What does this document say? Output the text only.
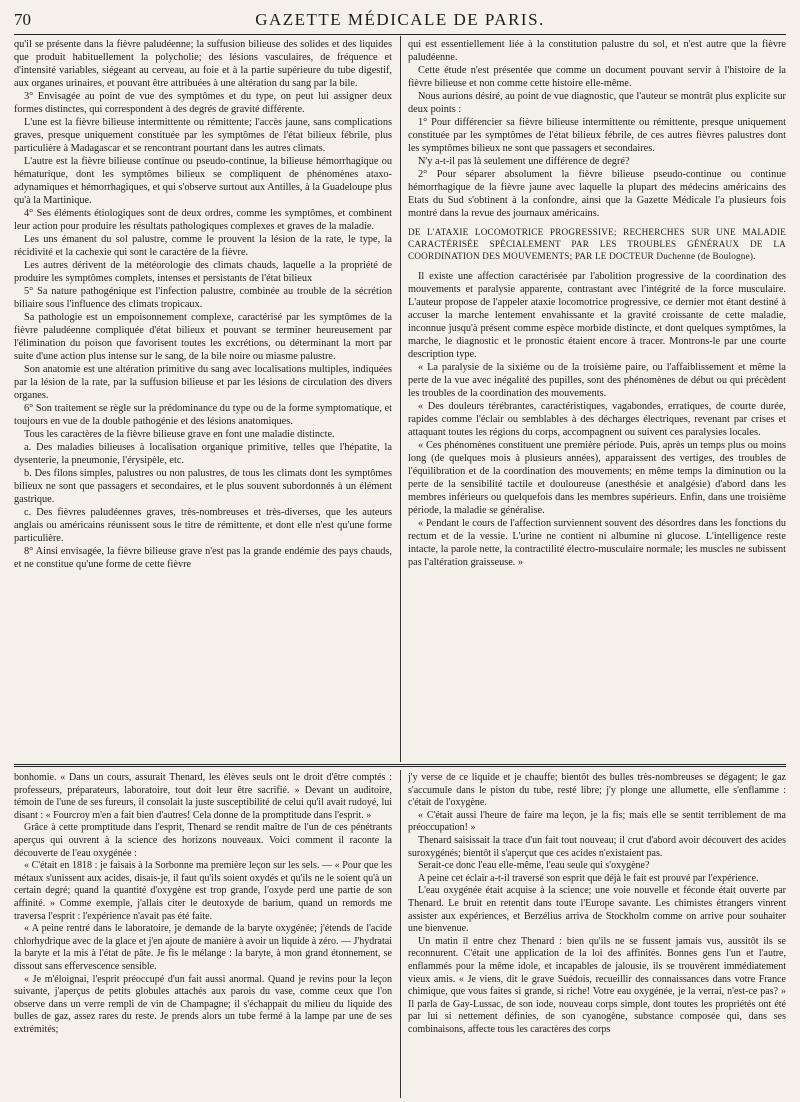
70	GAZETTE MÉDICALE DE PARIS.

qu'il se présente dans la fièvre paludéenne; la suffusion bilieuse des solides et des liquides que produit habituellement la polycholie; des lésions vasculaires, de fréquence et d'intensité variables, siégeant au cerveau, au foie et à la partie supérieure du tube digestif, aux organes urinaires, et pouvant être attribuées à une altération du sang par la bile.

3° Envisagée au point de vue des symptômes et du type, on peut lui assigner deux formes distinctes, qui correspondent à des degrés de gravité différente.

L'une est la fièvre bilieuse intermittente ou rémittente; l'accès jaune, sans complications graves, presque uniquement constituée par les symptômes de l'état bilieux fébrile, plus particulière à Madagascar et se rencontrant pourtant dans les autres climats.

L'autre est la fièvre bilieuse continue ou pseudo-continue, la bilieuse hémorrhagique ou hématurique, dont les symptômes bilieux se compliquent de phénomènes ataxo-adynamiques et hémorrhagiques, et qui s'observe surtout aux Antilles, à la Guadeloupe plus qu'à la Martinique.

4° Ses éléments étiologiques sont de deux ordres, comme les symptômes, et combinent leur action pour produire les résultats pathologiques complexes et graves de la maladie.

Les uns émanent du sol palustre, comme le prouvent la lésion de la rate, le type, la récidivité et la cachexie qui sont le caractère de la fièvre.

Les autres dérivent de la météorologie des climats chauds, laquelle a la propriété de produire les symptômes complets, intenses et persistants de l'état bilieux

5° Sa nature pathogénique est l'infection palustre, combinée au trouble de la sécrétion biliaire sous l'influence des climats tropicaux.

Sa pathologie est un empoisonnement complexe, caractérisé par les symptômes de la fièvre paludéenne compliquée d'état bilieux et pouvant se terminer heureusement par l'élimination du poison que favorisent toutes les excrétions, ou déterminant la mort par suite d'une action plus intense sur le sang, de la bile noire ou miasme palustre.

Son anatomie est une altération primitive du sang avec localisations multiples, indiquées par la lésion de la rate, par la suffusion bilieuse et par les lésions de circulation des divers organes.

6° Son traitement se règle sur la prédominance du type ou de la forme symptomatique, et toujours en vue de la double pathogénie et des lésions anatomiques.

Tous les caractères de la fièvre bilieuse grave en font une maladie distincte.

a. Des maladies bilieuses à localisation organique primitive, telles que l'hépatite, la dysenterie, la pneumonie, l'érysipèle, etc.

b. Des filons simples, palustres ou non palustres, de tous les climats dont les symptômes bilieux ne sont que passagers et secondaires, et le plus souvent subordonnés à un élément gastrique.

c. Des fièvres paludéennes graves, très-nombreuses et très-diverses, que les auteurs anglais ou américains réunissent sous le titre de rémittente, et dont elle n'est qu'une forme particulière.

8° Ainsi envisagée, la fièvre bilieuse grave n'est pas la grande endémie des pays chauds, et ne constitue qu'une forme de cette fièvre

qui est essentiellement liée à la constitution palustre du sol, et n'est autre que la fièvre paludéenne.

Cette étude n'est présentée que comme un document pouvant servir à l'histoire de la fièvre bilieuse et non comme cette histoire elle-même.

Nous aurions désiré, au point de vue diagnostic, que l'auteur se montrât plus explicite sur deux points :

1° Pour différencier sa fièvre bilieuse intermittente ou rémittente, presque uniquement constituée par les symptômes de l'état bilieux fébrile, de ces autres fièvres palustres dont les symptômes bilieux ne sont que passagers et secondaires.

N'y a-t-il pas là seulement une différence de degré?

2° Pour séparer absolument la fièvre bilieuse pseudo-continue ou continue hémorrhagique de la fièvre jaune avec laquelle la plupart des médecins américains des Etats du Sud s'obtinent à la confondre, ainsi que la Gazette Médicale l'a plusieurs fois montré dans la revue des journaux américains.

DE L'ATAXIE LOCOMOTRICE PROGRESSIVE; RECHERCHES SUR UNE MALADIE CARACTÉRISÉE SPÉCIALEMENT PAR LES TROUBLES GÉNÉRAUX DE LA COORDINATION DES MOUVEMENTS; PAR LE DOCTEUR Duchenne (de Boulogne).

Il existe une affection caractérisée par l'abolition progressive de la coordination des mouvements et paralysie apparente, contrastant avec l'intégrité de la force musculaire. L'auteur propose de l'appeler ataxie locomotrice progressive, ce dernier mot étant destiné à accuser la marche lentement envahissante et la gravité croissante de cette maladie, inconnue jusqu'à présent comme espèce morbide distincte, et dont quelques symptômes, la marche, le diagnostic et le pronostic étaient encore à tracer. Montrons-le par une courte description type.

« La paralysie de la sixième ou de la troisième paire, ou l'affaiblissement et même la perte de la vue avec inégalité des pupilles, sont des phénomènes de début ou qui précèdent les troubles de la coordination des mouvements.

« Des douleurs térébrantes, caractéristiques, vagabondes, erratiques, de courte durée, rapides comme l'éclair ou semblables à des décharges électriques, revenant par crises et attaquant toutes les régions du corps, accompagnent ou suivent ces paralysies locales.

« Ces phénomènes constituent une première période. Puis, après un temps plus ou moins long (de quelques mois à plusieurs années), apparaissent des vertiges, des troubles de l'équilibration et de la coordination des mouvements; en même temps la diminution ou la perte de la sensibilité tactile et douloureuse (anesthésie et analgésie) d'abord dans les membres inférieurs ou quelquefois dans les membres supérieurs. Enfin, dans une troisième période, la maladie se généralise.

« Pendant le cours de l'affection surviennent souvent des désordres dans les fonctions du rectum et de la vessie. L'urine ne contient ni albumine ni glucose. L'intelligence reste intacte, la parole nette, la contractilité électro-musculaire normale; les muscles ne subissent pas l'altération graisseuse. »

bonhomie. « Dans un cours, assurait Thenard, les élèves seuls ont le droit d'être comptés : professeurs, préparateurs, laboratoire, tout doit leur être sacrifié. » Devant un auditoire, témoin de l'une de ses fureurs, il consolait la juste susceptibilité de celui qu'il avait rudoyé, lui disant : « Fourcroy m'en a fait bien d'autres! Cela donne de la promptitude dans l'esprit. »

Grâce à cette promptitude dans l'esprit, Thenard se rendit maître de l'un de ces pénétrants aperçus qui ouvrent à la science des horizons nouveaux. Voici comment il raconte la découverte de l'eau oxygénée :

« C'était en 1818 : je faisais à la Sorbonne ma première leçon sur les sels. — « Pour que les métaux s'unissent aux acides, disais-je, il faut qu'ils soient oxydés et qu'ils ne le soient qu'à un certain degré; quand la quantité d'oxygène est trop grande, l'oxyde perd une partie de son affinité. » Comme exemple, j'allais citer le deutoxyde de barium, quand un remords me traversa l'esprit : l'expérience n'avait pas été faite.

« A peine rentré dans le laboratoire, je demande de la baryte oxygénée; j'étends de l'acide chlorhydrique avec de la glace et j'en ajoute de manière à avoir un liquide à zéro. — J'hydratai la baryte et la mis à l'état de pâte. Je fis le mélange : la baryte, à mon grand étonnement, se dissout sans effervescence sensible.

« Je m'éloignai, l'esprit préoccupé d'un fait aussi anormal. Quand je revins pour la leçon suivante, j'aperçus de petits globules attachés aux parois du vase, comme ceux que l'on observe dans un verre rempli de vin de Champagne; il s'échappait du milieu du liquide des bulles de gaz, assez rares du reste. Je prends alors un tube fermé à la lampe par une de ses extrémités;

j'y verse de ce liquide et je chauffe; bientôt des bulles très-nombreuses se dégagent; le gaz s'accumule dans le piston du tube, resté libre; j'y plonge une allumette, elle s'enflamme : c'était de l'oxygène.

« C'était aussi l'heure de faire ma leçon, je la fis; mais elle se sentit terriblement de ma préoccupation! »

Thenard saisissait la trace d'un fait tout nouveau; il crut d'abord avoir découvert des acides suroxygénés; bientôt il s'aperçut que ces acides n'existaient pas.

Serait-ce donc l'eau elle-même, l'eau seule qui s'oxygène?

A peine cet éclair a-t-il traversé son esprit que déjà le fait est prouvé par l'expérience.

L'eau oxygénée était acquise à la science; une voie nouvelle et féconde était ouverte par Thenard. Le bruit en retentit dans toute l'Europe savante. Les chimistes étrangers vinrent assister aux expériences, et Berzélius arriva de Stockholm comme on arrive pour souhaiter une bienvenue.

Un matin il entre chez Thenard : bien qu'ils ne se fussent jamais vus, aussitôt ils se reconnurent. C'était une application de la loi des affinités. Bonnes gens l'un et l'autre, enflammés pour la même idole, et incapables de jalousie, ils se trouvèrent immédiatement vieux amis. « Je viens, dit le grave Suédois, recueillir des connaissances dans votre France chimique, que vous faites si grande, si riche! Votre eau oxygénée, je la verrai, n'est-ce pas? » Il parla de Gay-Lussac, de son iode, nouveau corps simple, dont toutes les propriétés ont été par lui si nettement définies, de son cyanogène, substance composée qui, dans ses combinaisons, affecte tous les caractères des corps
